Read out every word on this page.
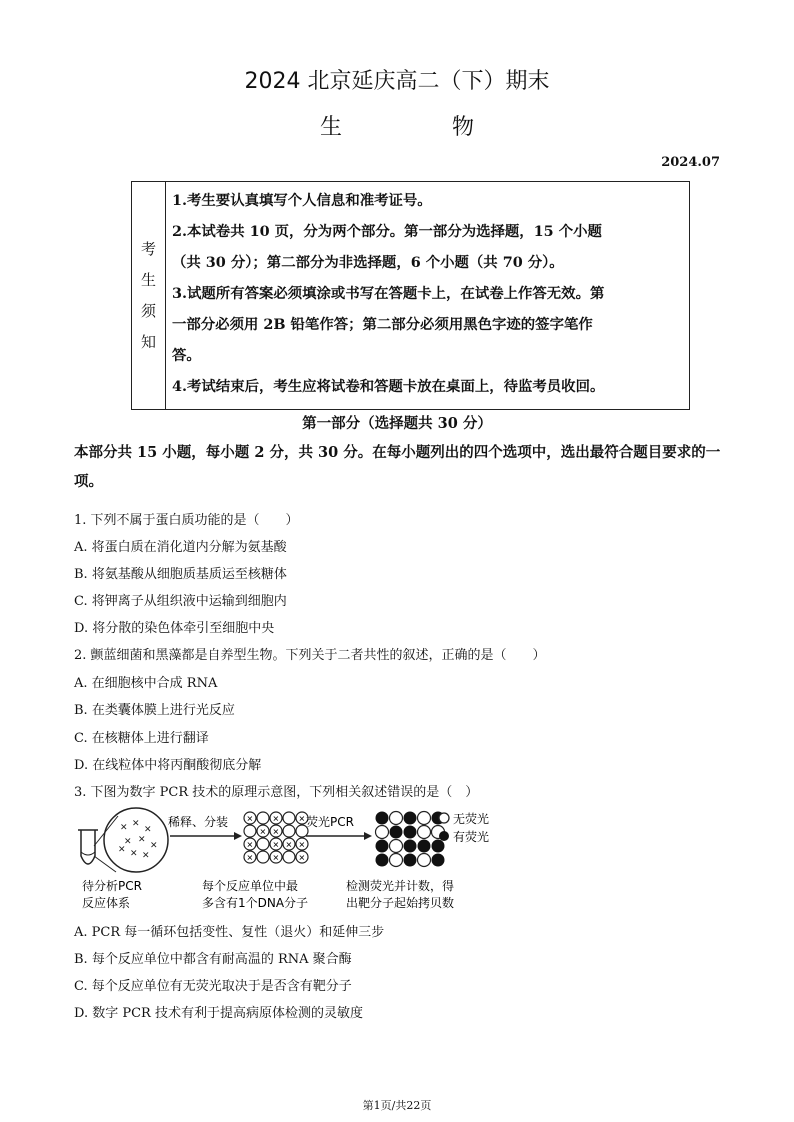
2024 北京延庆高二（下）期末
生　物
2024.07
考
生
须
知

1.考生要认真填写个人信息和准考证号。

2.本试卷共 10 页，分为两个部分。第一部分为选择题，15 个小题

（共 30 分）；第二部分为非选择题，6 个小题（共 70 分）。

3.试题所有答案必须填涂或书写在答题卡上，在试卷上作答无效。第

一部分必须用 2B 铅笔作答；第二部分必须用黑色字迹的签字笔作

答。

4.考试结束后，考生应将试卷和答题卡放在桌面上，待监考员收回。

第一部分（选择题共 30 分）
本部分共 15 小题，每小题 2 分，共 30 分。在每小题列出的四个选项中，选出最符合题目要求的一项。
1. 下列不属于蛋白质功能的是（　　）
A. 将蛋白质在消化道内分解为氨基酸
B. 将氨基酸从细胞质基质运至核糖体
C. 将钾离子从组织液中运输到细胞内
D. 将分散的染色体牵引至细胞中央
2. 颤蓝细菌和黑藻都是自养型生物。下列关于二者共性的叙述，正确的是（　　）
A. 在细胞核中合成 RNA
B. 在类囊体膜上进行光反应
C. 在核糖体上进行翻译
D. 在线粒体中将丙酮酸彻底分解
3. 下图为数字 PCR 技术的原理示意图，下列相关叙述错误的是（　）
✕ ✕
✕
✕ ✕
✕
✕ ✕
✕
稀释、分装 ✕ ✕ ✕
✕ ✕
✕ ✕ ✕ ✕
✕ ✕ ✕
荧光PCR	无荧光
有荧光
待分析PCR
反应体系
每个反应单位中最
多含有1个DNA分子
检测荧光并计数，得
出靶分子起始拷贝数
A. PCR 每一循环包括变性、复性（退火）和延伸三步
B. 每个反应单位中都含有耐高温的 RNA 聚合酶
C. 每个反应单位有无荧光取决于是否含有靶分子
D. 数字 PCR 技术有利于提高病原体检测的灵敏度
第1页/共22页
